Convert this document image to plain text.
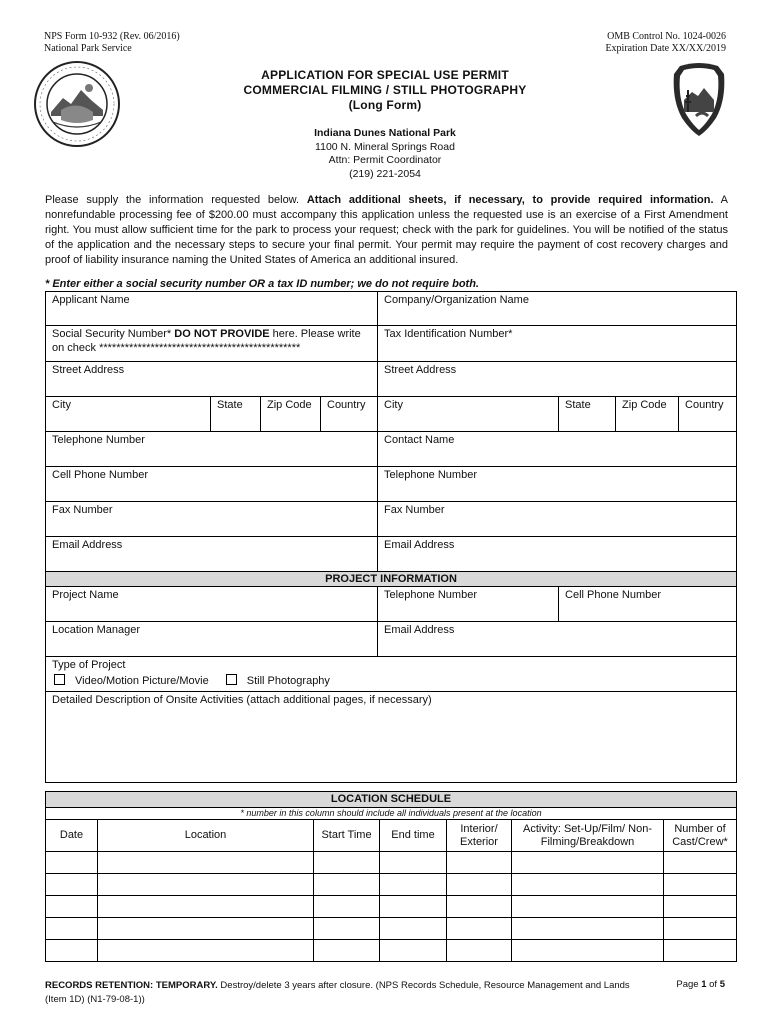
NPS Form 10-932 (Rev. 06/2016)
National Park Service
OMB Control No. 1024-0026
Expiration Date XX/XX/2019
APPLICATION FOR SPECIAL USE PERMIT
COMMERCIAL FILMING / STILL PHOTOGRAPHY
(Long Form)
Indiana Dunes National Park
1100 N. Mineral Springs Road
Attn: Permit Coordinator
(219) 221-2054
Please supply the information requested below. Attach additional sheets, if necessary, to provide required information. A nonrefundable processing fee of $200.00 must accompany this application unless the requested use is an exercise of a First Amendment right. You must allow sufficient time for the park to process your request; check with the park for guidelines. You will be notified of the status of the application and the necessary steps to secure your final permit. Your permit may require the payment of cost recovery charges and proof of liability insurance naming the United States of America an additional insured.
* Enter either a social security number OR a tax ID number; we do not require both.
Applicant Name				Company/Organization Name			
Social Security Number* DO NOT PROVIDE here. Please write on check ***********************************************				Tax Identification Number*			
Street Address				Street Address			
City	State	Zip Code	Country	City	State	Zip Code	Country
Telephone Number				Contact Name			
Cell Phone Number				Telephone Number			
Fax Number				Fax Number			
Email Address				Email Address			
PROJECT INFORMATION							
Project Name				Telephone Number	Cell Phone Number		
Location Manager				Email Address			

Type of Project
Video/Motion Picture/Movie Still Photography							

Detailed Description of Onsite Activities (attach additional pages, if necessary)							
LOCATION SCHEDULE						
* number in this column should include all individuals present at the location						
Date	Location	Start Time	End time	Interior/ Exterior	Activity: Set-Up/Film/ Non-Filming/Breakdown	Number of Cast/Crew*

RECORDS RETENTION: TEMPORARY. Destroy/delete 3 years after closure. (NPS Records Schedule, Resource Management and Lands (Item 1D) (N1-79-08-1))
Page 1 of 5
